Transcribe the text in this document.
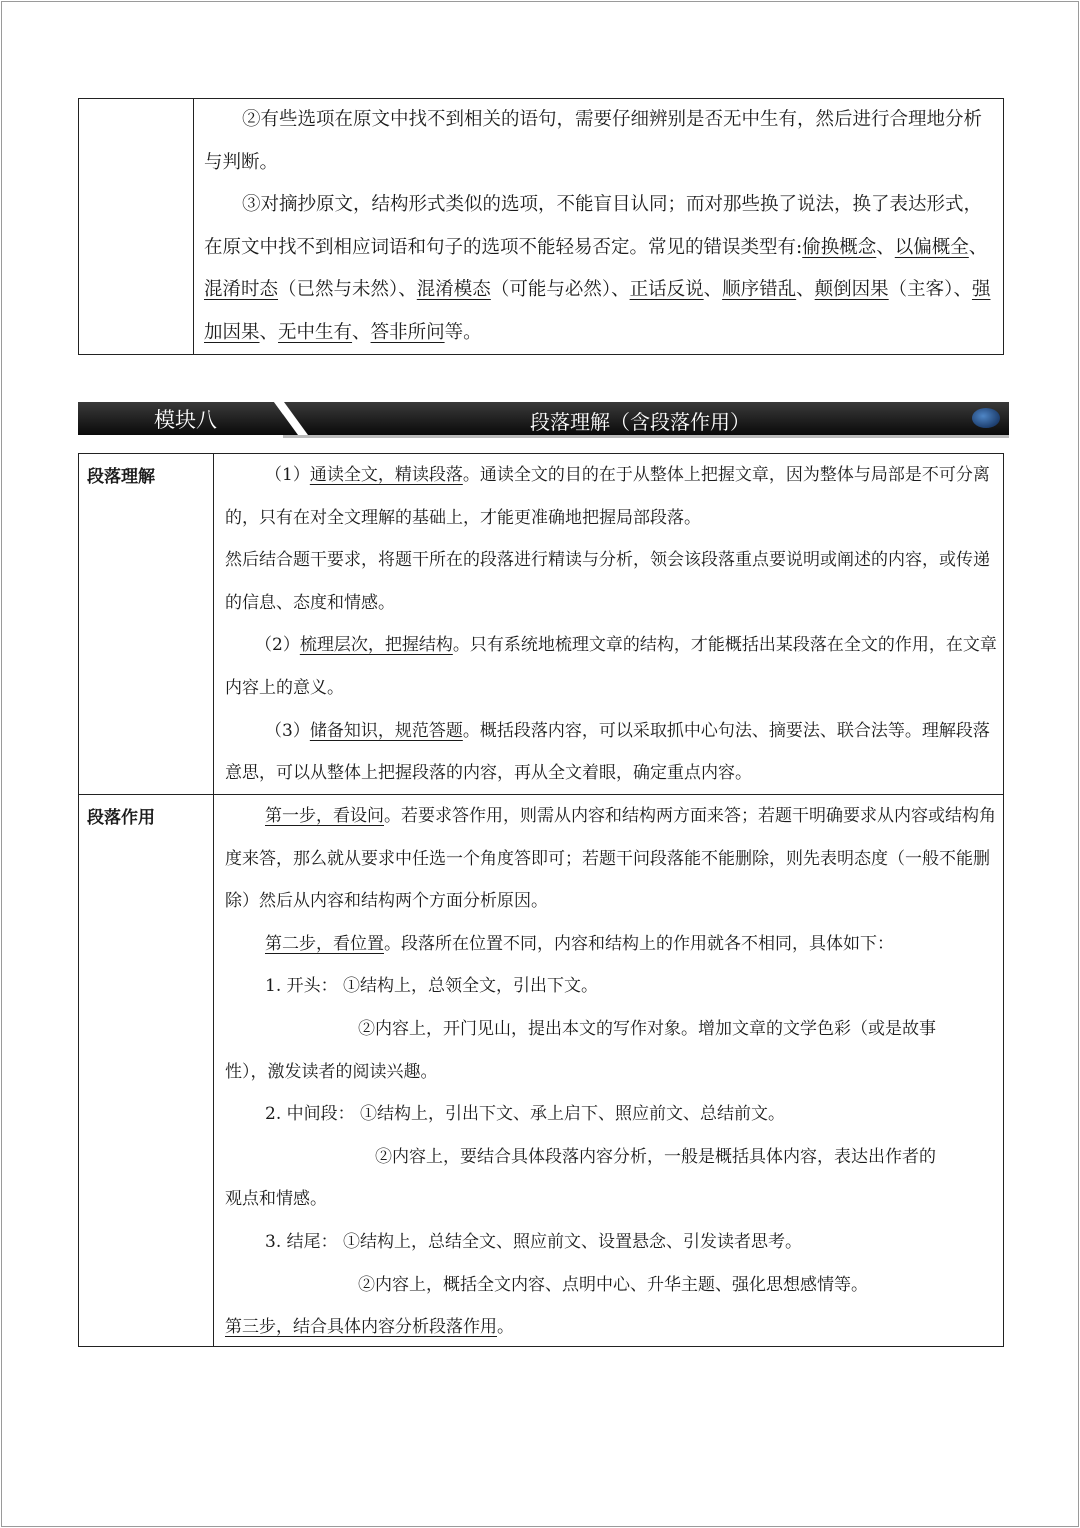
②有些选项在原文中找不到相关的语句，需要仔细辨别是否无中生有，然后进行合理地分析与判断。

③对摘抄原文，结构形式类似的选项，不能盲目认同；而对那些换了说法，换了表达形式，在原文中找不到相应词语和句子的选项不能轻易否定。常见的错误类型有:偷换概念、以偏概全、混淆时态（已然与未然）、混淆模态（可能与必然）、正话反说、顺序错乱、颠倒因果（主客）、强加因果、无中生有、答非所问等。

模块八	段落理解（含段落作用）
段落理解	（1）通读全文，精读段落。通读全文的目的在于从整体上把握文章，因为整体与局部是不可分离的，只有在对全文理解的基础上，才能更准确地把握局部段落。

然后结合题干要求，将题干所在的段落进行精读与分析，领会该段落重点要说明或阐述的内容，或传递的信息、态度和情感。

（2）梳理层次，把握结构。只有系统地梳理文章的结构，才能概括出某段落在全文的作用，在文章内容上的意义。

（3）储备知识，规范答题。概括段落内容，可以采取抓中心句法、摘要法、联合法等。理解段落意思，可以从整体上把握段落的内容，再从全文着眼，确定重点内容。

段落作用	第一步，看设问。若要求答作用，则需从内容和结构两方面来答；若题干明确要求从内容或结构角度来答，那么就从要求中任选一个角度答即可；若题干问段落能不能删除，则先表明态度（一般不能删除）然后从内容和结构两个方面分析原因。

第二步，看位置。段落所在位置不同，内容和结构上的作用就各不相同，具体如下：

1. 开头： ①结构上，总领全文，引出下文。

②内容上，开门见山，提出本文的写作对象。增加文章的文学色彩（或是故事

性），激发读者的阅读兴趣。

2. 中间段： ①结构上，引出下文、承上启下、照应前文、总结前文。

②内容上，要结合具体段落内容分析，一般是概括具体内容，表达出作者的

观点和情感。

3. 结尾： ①结构上，总结全文、照应前文、设置悬念、引发读者思考。

②内容上，概括全文内容、点明中心、升华主题、强化思想感情等。

第三步，结合具体内容分析段落作用。
